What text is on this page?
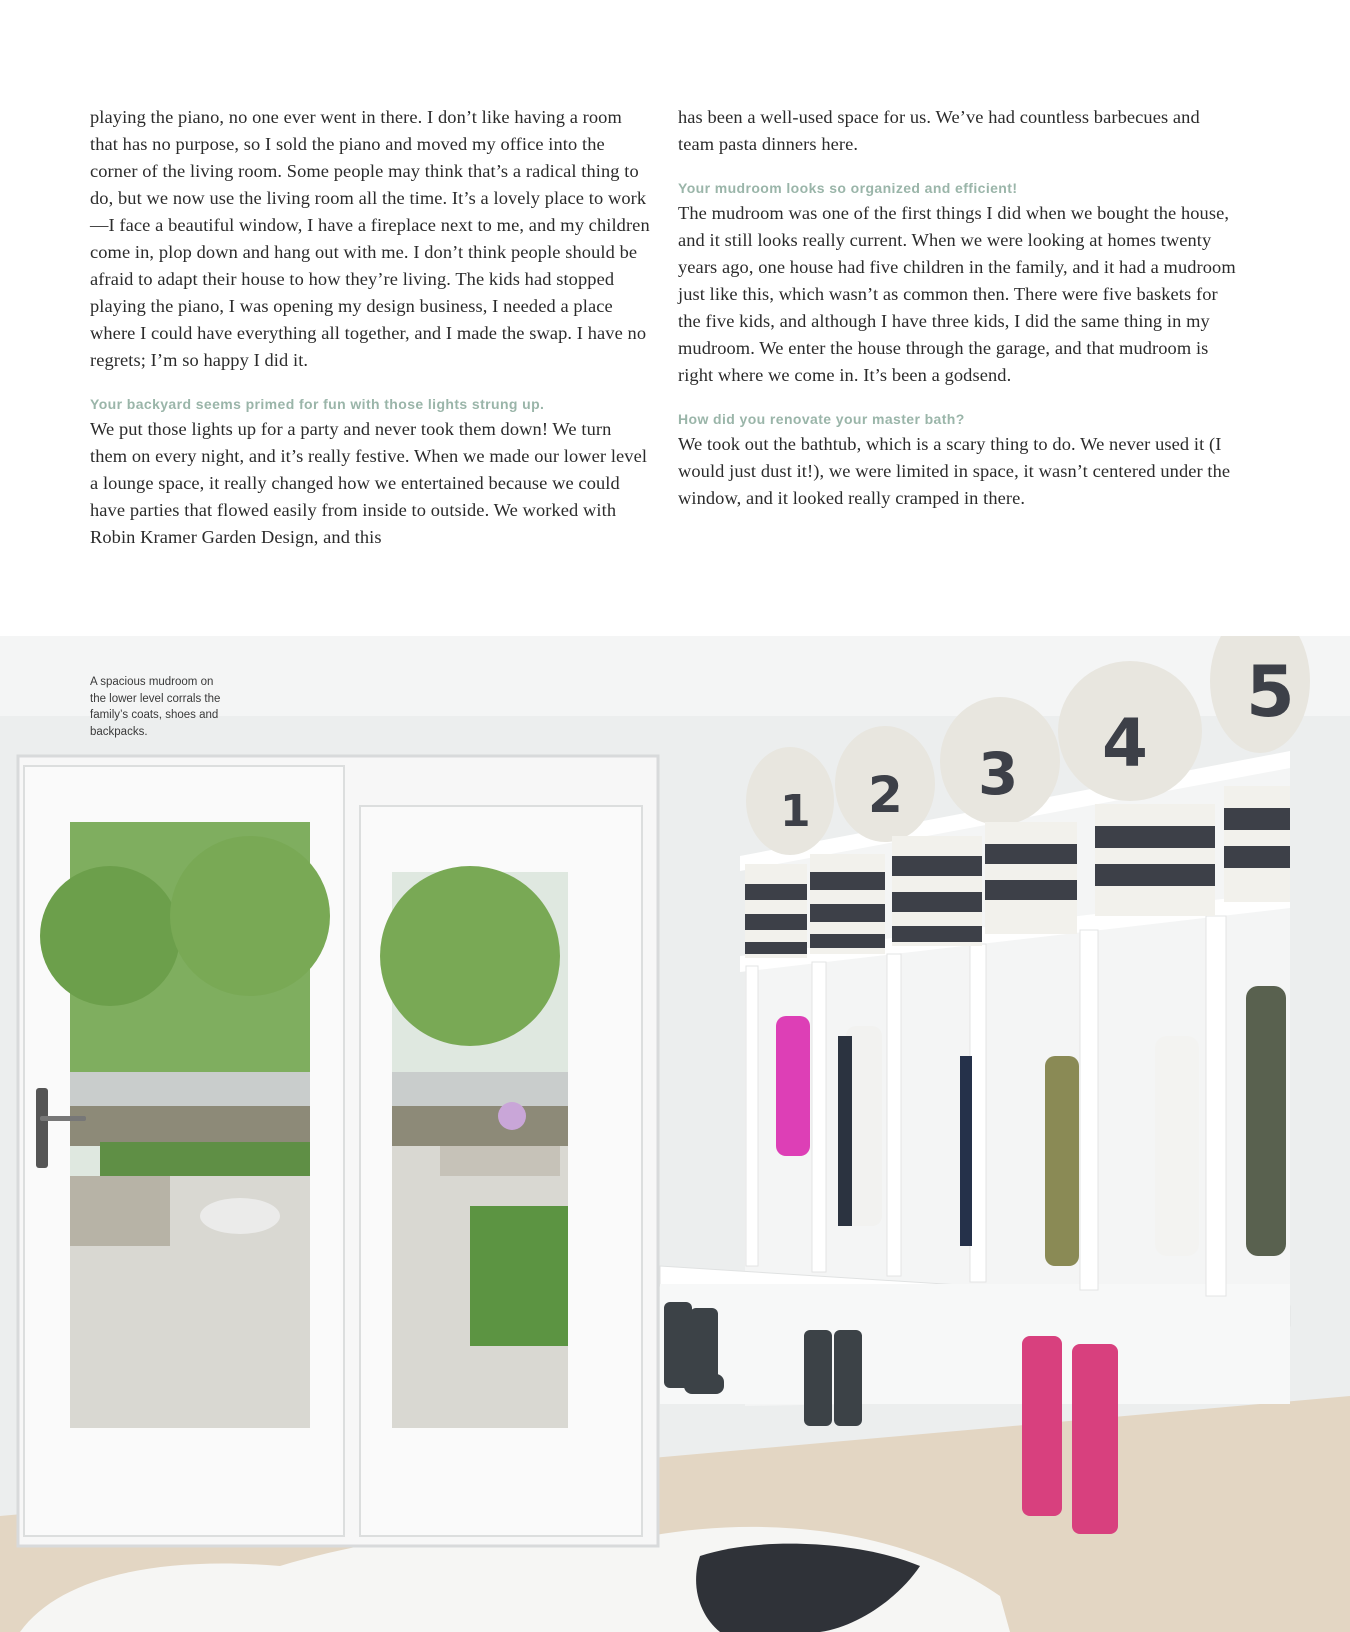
playing the piano, no one ever went in there. I don’t like having a room that has no purpose, so I sold the piano and moved my office into the corner of the living room. Some people may think that’s a radical thing to do, but we now use the living room all the time. It’s a lovely place to work—I face a beautiful window, I have a fireplace next to me, and my children come in, plop down and hang out with me. I don’t think people should be afraid to adapt their house to how they’re living. The kids had stopped playing the piano, I was opening my design business, I needed a place where I could have everything all together, and I made the swap. I have no regrets; I’m so happy I did it.

Your backyard seems primed for fun with those lights strung up.

We put those lights up for a party and never took them down! We turn them on every night, and it’s really festive. When we made our lower level a lounge space, it really changed how we entertained because we could have parties that flowed easily from inside to outside. We worked with Robin Kramer Garden Design, and this

has been a well-used space for us. We’ve had countless barbecues and team pasta dinners here.

Your mudroom looks so organized and efficient!

The mudroom was one of the first things I did when we bought the house, and it still looks really current. When we were looking at homes twenty years ago, one house had five children in the family, and it had a mudroom just like this, which wasn’t as common then. There were five baskets for the five kids, and although I have three kids, I did the same thing in my mudroom. We enter the house through the garage, and that mudroom is right where we come in. It’s been a godsend.

How did you renovate your master bath?

We took out the bathtub, which is a scary thing to do. We never used it (I would just dust it!), we were limited in space, it wasn’t centered under the window, and it looked really cramped in there.

1 2 3 4
5
A spacious mudroom on the lower level corrals the family’s coats, shoes and backpacks.
